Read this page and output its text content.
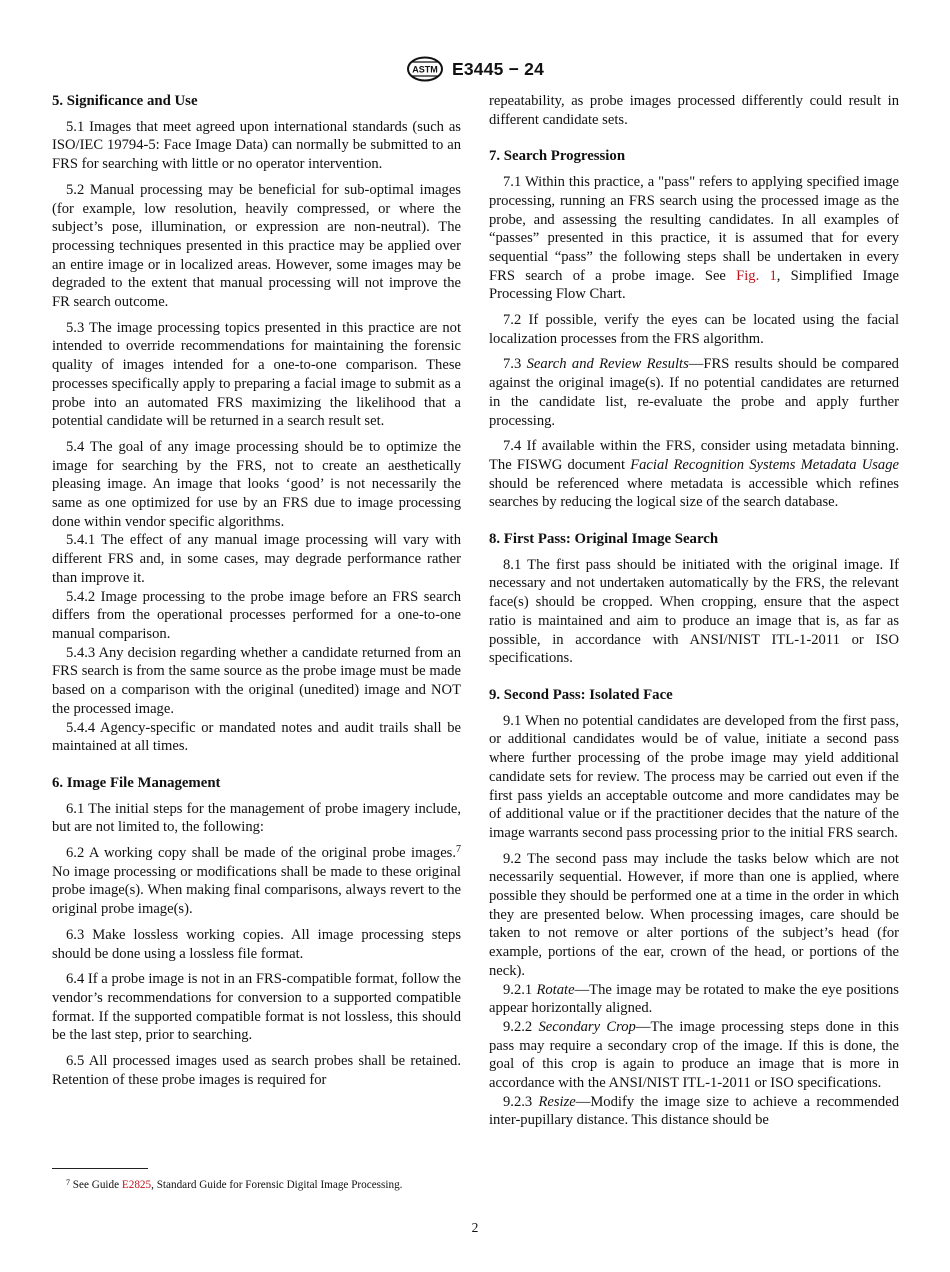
ASTM E3445 − 24
5. Significance and Use

5.1 Images that meet agreed upon international standards (such as ISO/IEC 19794-5: Face Image Data) can normally be submitted to an FRS for searching with little or no operator intervention.

5.2 Manual processing may be beneficial for sub-optimal images (for example, low resolution, heavily compressed, or where the subject’s pose, illumination, or expression are non-neutral). The processing techniques presented in this practice may be applied over an entire image or in localized areas. However, some images may be degraded to the extent that manual processing will not improve the FR search outcome.

5.3 The image processing topics presented in this practice are not intended to override recommendations for maintaining the forensic quality of images intended for a one-to-one comparison. These processes specifically apply to preparing a facial image to submit as a probe into an automated FRS maximizing the likelihood that a potential candidate will be returned in a search result set.

5.4 The goal of any image processing should be to optimize the image for searching by the FRS, not to create an aesthetically pleasing image. An image that looks ‘good’ is not necessarily the same as one optimized for use by an FRS due to image processing done within vendor specific algorithms.

5.4.1 The effect of any manual image processing will vary with different FRS and, in some cases, may degrade performance rather than improve it.

5.4.2 Image processing to the probe image before an FRS search differs from the operational processes performed for a one-to-one manual comparison.

5.4.3 Any decision regarding whether a candidate returned from an FRS search is from the same source as the probe image must be made based on a comparison with the original (unedited) image and NOT the processed image.

5.4.4 Agency-specific or mandated notes and audit trails shall be maintained at all times.

6. Image File Management

6.1 The initial steps for the management of probe imagery include, but are not limited to, the following:

6.2 A working copy shall be made of the original probe images.$^7$ No image processing or modifications shall be made to these original probe image(s). When making final comparisons, always revert to the original probe image(s).

6.3 Make lossless working copies. All image processing steps should be done using a lossless file format.

6.4 If a probe image is not in an FRS-compatible format, follow the vendor’s recommendations for conversion to a supported compatible format. If the supported compatible format is not lossless, this should be the last step, prior to searching.

6.5 All processed images used as search probes shall be retained. Retention of these probe images is required for

repeatability, as probe images processed differently could result in different candidate sets.

7. Search Progression

7.1 Within this practice, a "pass" refers to applying specified image processing, running an FRS search using the processed image as the probe, and assessing the resulting candidates. In all examples of “passes” presented in this practice, it is assumed that for every sequential “pass” the following steps shall be undertaken in every FRS search of a probe image. See Fig. 1, Simplified Image Processing Flow Chart.

7.2 If possible, verify the eyes can be located using the facial localization processes from the FRS algorithm.

7.3 Search and Review Results—FRS results should be compared against the original image(s). If no potential candidates are returned in the candidate list, re-evaluate the probe and apply further processing.

7.4 If available within the FRS, consider using metadata binning. The FISWG document Facial Recognition Systems Metadata Usage should be referenced where metadata is accessible which refines searches by reducing the logical size of the search database.

8. First Pass: Original Image Search

8.1 The first pass should be initiated with the original image. If necessary and not undertaken automatically by the FRS, the relevant face(s) should be cropped. When cropping, ensure that the aspect ratio is maintained and aim to produce an image that is, as far as possible, in accordance with ANSI/NIST ITL-1-2011 or ISO specifications.

9. Second Pass: Isolated Face

9.1 When no potential candidates are developed from the first pass, or additional candidates would be of value, initiate a second pass where further processing of the probe image may yield additional candidate sets for review. The process may be carried out even if the first pass yields an acceptable outcome and more candidates may be of additional value or if the practitioner decides that the nature of the image warrants second pass processing prior to the initial FRS search.

9.2 The second pass may include the tasks below which are not necessarily sequential. However, if more than one is applied, where possible they should be performed one at a time in the order in which they are presented below. When processing images, care should be taken to not remove or alter portions of the subject’s head (for example, portions of the ear, crown of the head, or portions of the neck).

9.2.1 Rotate—The image may be rotated to make the eye positions appear horizontally aligned.

9.2.2 Secondary Crop—The image processing steps done in this pass may require a secondary crop of the image. If this is done, the goal of this crop is again to produce an image that is more in accordance with the ANSI/NIST ITL-1-2011 or ISO specifications.

9.2.3 Resize—Modify the image size to achieve a recommended inter-pupillary distance. This distance should be

$^7$ See Guide E2825, Standard Guide for Forensic Digital Image Processing.
2
